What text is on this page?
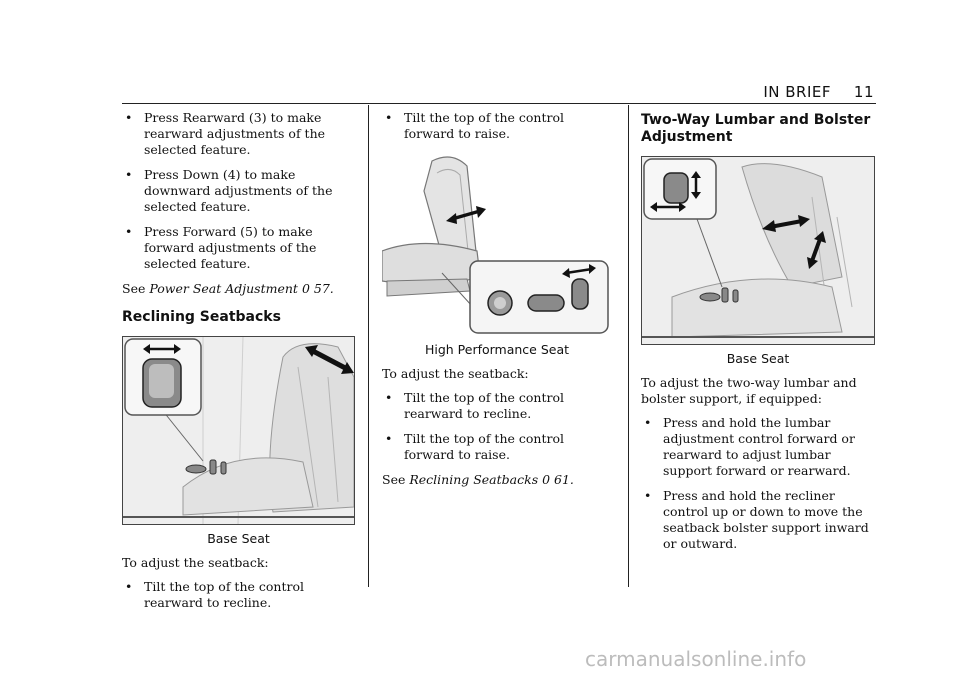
IN BRIEF 11

• Press Rearward (3) to make rearward adjustments of the selected feature.

• Press Down (4) to make downward adjustments of the selected feature.

• Press Forward (5) to make forward adjustments of the selected feature.

See Power Seat Adjustment 0 57.

Reclining Seatbacks
Base Seat

To adjust the seatback:

• Tilt the top of the control rearward to recline.

• Tilt the top of the control forward to raise.

High Performance Seat

To adjust the seatback:

• Tilt the top of the control rearward to recline.

• Tilt the top of the control forward to raise.

See Reclining Seatbacks 0 61.

Two-Way Lumbar and Bolster Adjustment
Base Seat

To adjust the two-way lumbar and bolster support, if equipped:

• Press and hold the lumbar adjustment control forward or rearward to adjust lumbar support forward or rearward.

• Press and hold the recliner control up or down to move the seatback bolster support inward or outward.

carmanualsonline.info
